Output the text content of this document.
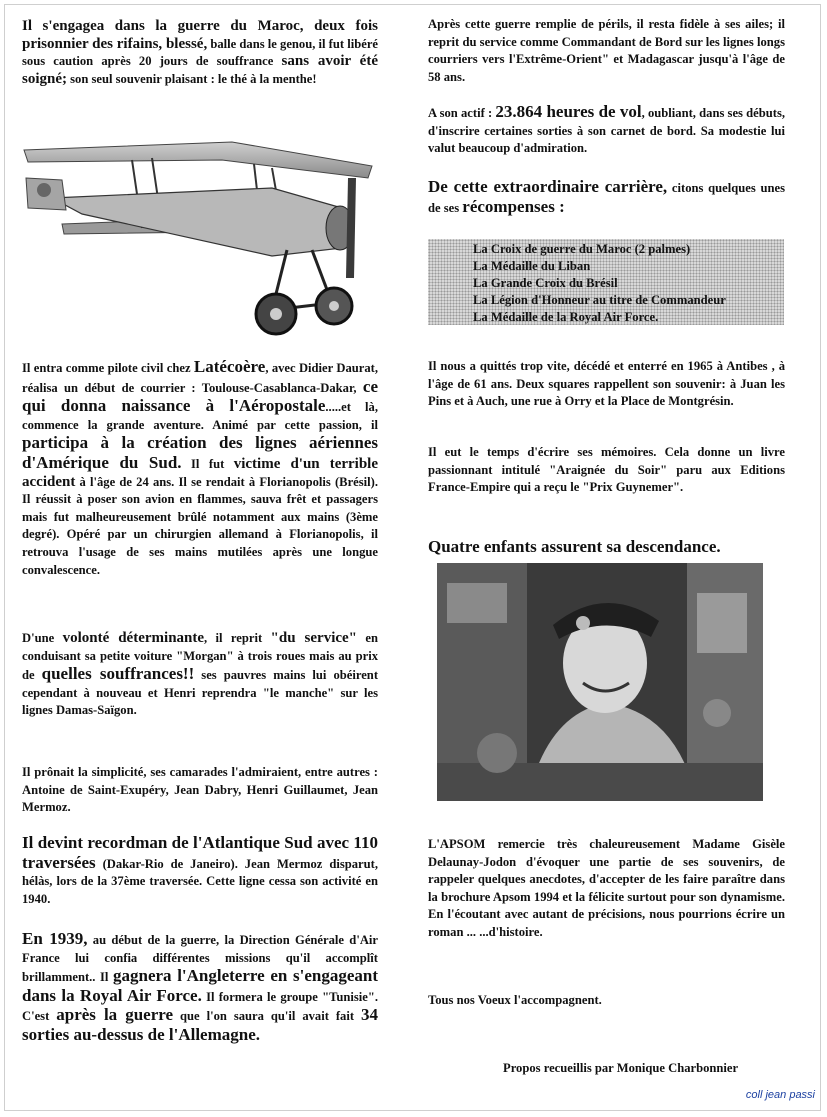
Il s'engagea dans la guerre du Maroc, deux fois prisonnier des rifains, blessé, balle dans le genou, il fut libéré sous caution après 20 jours de souffrance sans avoir été soigné; son seul souvenir plaisant : le thé à la menthe!

Il entra comme pilote civil chez Latécoère, avec Didier Daurat, réalisa un début de courrier : Toulouse-Casablanca-Dakar, ce qui donna naissance à l'Aéropostale.....et là, commence la grande aventure. Animé par cette passion, il participa à la création des lignes aériennes d'Amérique du Sud. Il fut victime d'un terrible accident à l'âge de 24 ans. Il se rendait à Florianopolis (Brésil). Il réussit à poser son avion en flammes, sauva frêt et passagers mais fut malheureusement brûlé notamment aux mains (3ème degré). Opéré par un chirurgien allemand à Florianopolis, il retrouva l'usage de ses mains mutilées après une longue convalescence.

D'une volonté déterminante, il reprit "du service" en conduisant sa petite voiture "Morgan" à trois roues mais au prix de quelles souffrances!! ses pauvres mains lui obéirent cependant à nouveau et Henri reprendra "le manche" sur les lignes Damas-Saïgon.

Il prônait la simplicité, ses camarades l'admiraient, entre autres : Antoine de Saint-Exupéry, Jean Dabry, Henri Guillaumet, Jean Mermoz.

Il devint recordman de l'Atlantique Sud avec 110 traversées (Dakar-Rio de Janeiro). Jean Mermoz disparut, hélàs, lors de la 37ème traversée. Cette ligne cessa son activité en 1940.

En 1939, au début de la guerre, la Direction Générale d'Air France lui confia différentes missions qu'il accomplît brillamment.. Il gagnera l'Angleterre en s'engageant dans la Royal Air Force. Il formera le groupe "Tunisie". C'est après la guerre que l'on saura qu'il avait fait 34 sorties au-dessus de l'Allemagne.

Après cette guerre remplie de périls, il resta fidèle à ses ailes; il reprit du service comme Commandant de Bord sur les lignes longs courriers vers l'Extrême-Orient" et Madagascar jusqu'à l'âge de 58 ans.

A son actif : 23.864 heures de vol, oubliant, dans ses débuts, d'inscrire certaines sorties à son carnet de bord. Sa modestie lui valut beaucoup d'admiration.

De cette extraordinaire carrière, citons quelques unes de ses récompenses :

La Croix de guerre du Maroc (2 palmes)
La Médaille du Liban
La Grande Croix du Brésil
La Légion d'Honneur au titre de Commandeur
La Médaille de la Royal Air Force.

Il nous a quittés trop vite, décédé et enterré en 1965 à Antibes , à l'âge de 61 ans. Deux squares rappellent son souvenir: à Juan les Pins et à Auch, une rue à Orry et la Place de Montgrésin.

Il eut le temps d'écrire ses mémoires. Cela donne un livre passionnant intitulé "Araignée du Soir" paru aux Editions France-Empire qui a reçu le "Prix Guynemer".

Quatre enfants assurent sa descendance.

L'APSOM remercie très chaleureusement Madame Gisèle Delaunay-Jodon d'évoquer une partie de ses souvenirs, de rappeler quelques anecdotes, d'accepter de les faire paraître dans la brochure Apsom 1994 et la félicite surtout pour son dynamisme. En l'écoutant avec autant de précisions, nous pourrions écrire un roman ... ...d'histoire.

Tous nos Voeux l'accompagnent.

Propos recueillis par Monique Charbonnier

coll jean passi
